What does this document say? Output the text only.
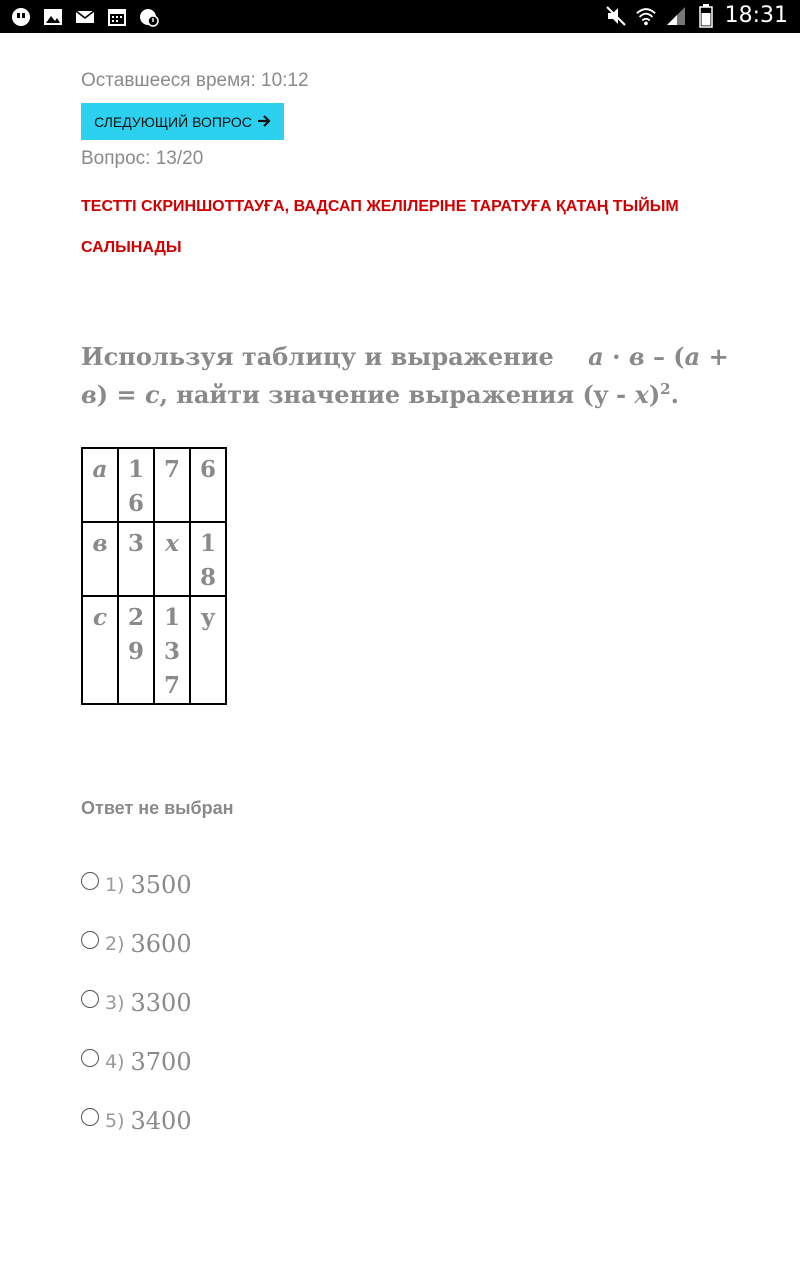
18:31
Оставшееся время: 10:12
СЛЕДУЮЩИЙ ВОПРОС
Вопрос: 13/20
ТЕСТТІ СКРИНШОТТАУҒА, ВАДСАП ЖЕЛІЛЕРІНЕ ТАРАТУҒА ҚАТАҢ ТЫЙЫМ САЛЫНАДЫ
Используя таблицу и выражение a · в – (a + в) = c, найти значение выражения (y - x)$^2$.
a	16	7	6

в	3	x	18

c	29	137	y
Ответ не выбран
1) 3500
2) 3600
3) 3300
4) 3700
5) 3400
